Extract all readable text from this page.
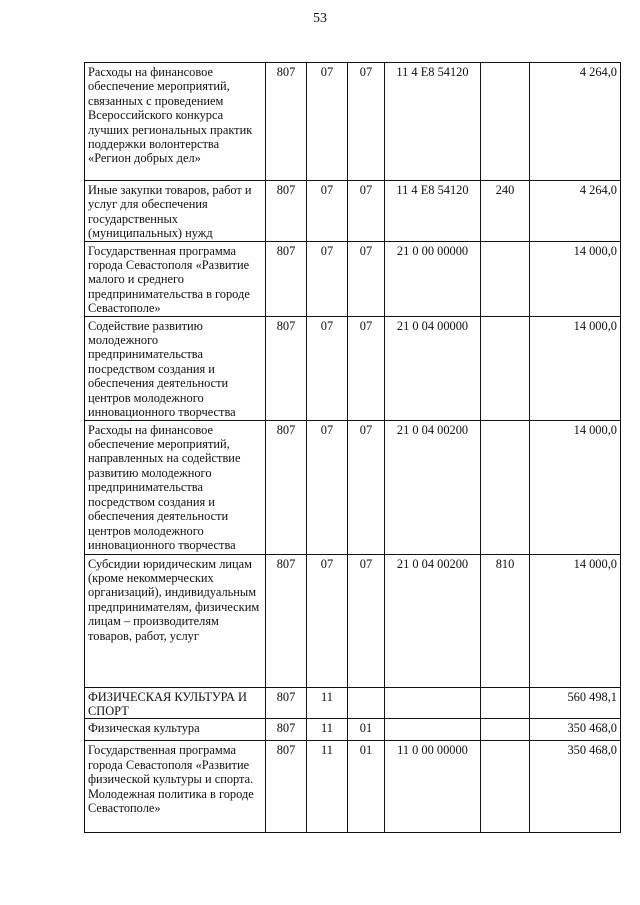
53
Расходы на финансовое обеспечение мероприятий, связанных с проведением Всероссийского конкурса лучших региональных практик поддержки волонтерства «Регион добрых дел»	807	07	07	11 4 Е8 54120		4 264,0
Иные закупки товаров, работ и услуг для обеспечения государственных (муниципальных) нужд	807	07	07	11 4 Е8 54120	240	4 264,0
Государственная программа города Севастополя «Развитие малого и среднего предпринимательства в городе Севастополе»	807	07	07	21 0 00 00000		14 000,0
Содействие развитию молодежного предпринимательства посредством создания и обеспечения деятельности центров молодежного инновационного творчества	807	07	07	21 0 04 00000		14 000,0
Расходы на финансовое обеспечение мероприятий, направленных на содействие развитию молодежного предпринимательства посредством создания и обеспечения деятельности центров молодежного инновационного творчества	807	07	07	21 0 04 00200		14 000,0
Субсидии юридическим лицам (кроме некоммерческих организаций), индивидуальным предпринимателям, физическим лицам – производителям товаров, работ, услуг	807	07	07	21 0 04 00200	810	14 000,0
ФИЗИЧЕСКАЯ КУЛЬТУРА И СПОРТ	807	11				560 498,1
Физическая культура	807	11	01			350 468,0
Государственная программа города Севастополя «Развитие физической культуры и спорта. Молодежная политика в городе Севастополе»	807	11	01	11 0 00 00000		350 468,0
